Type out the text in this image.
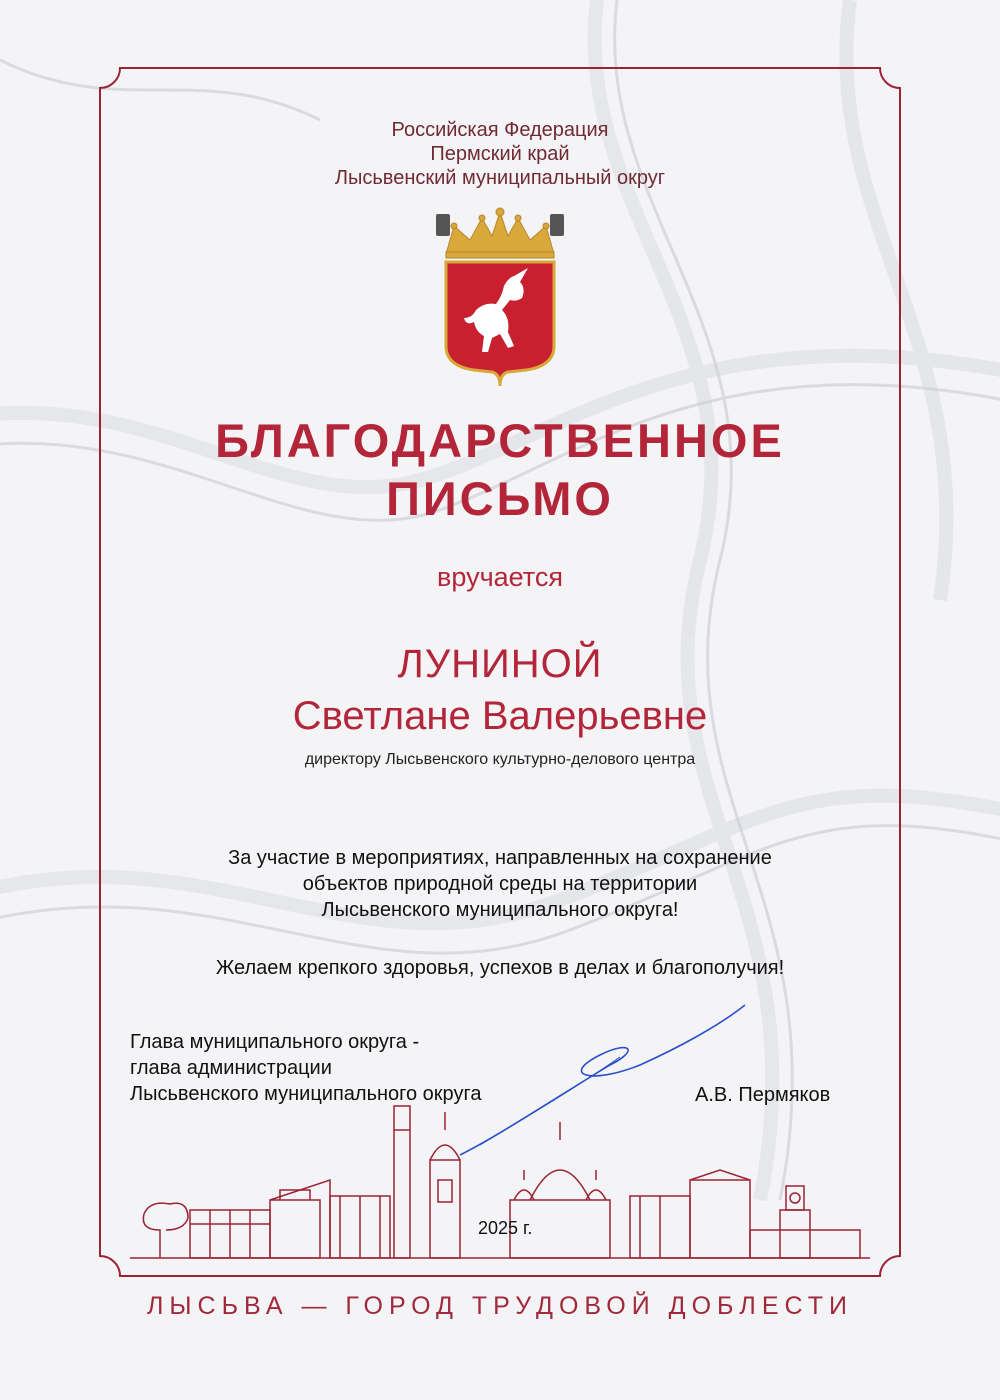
Российская Федерация
Пермский край
Лысьвенский муниципальный округ
БЛАГОДАРСТВЕННОЕ
ПИСЬМО
вручается
ЛУНИНОЙ
Светлане Валерьевне
директору Лысьвенского культурно-делового центра
За участие в мероприятиях, направленных на сохранение
объектов природной среды на территории
Лысьвенского муниципального округа!
Желаем крепкого здоровья, успехов в делах и благополучия!
Глава муниципального округа -
глава администрации
Лысьвенского муниципального округа	А.В. Пермяков
2025 г.
ЛЫСЬВА — ГОРОД ТРУДОВОЙ ДОБЛЕСТИ
